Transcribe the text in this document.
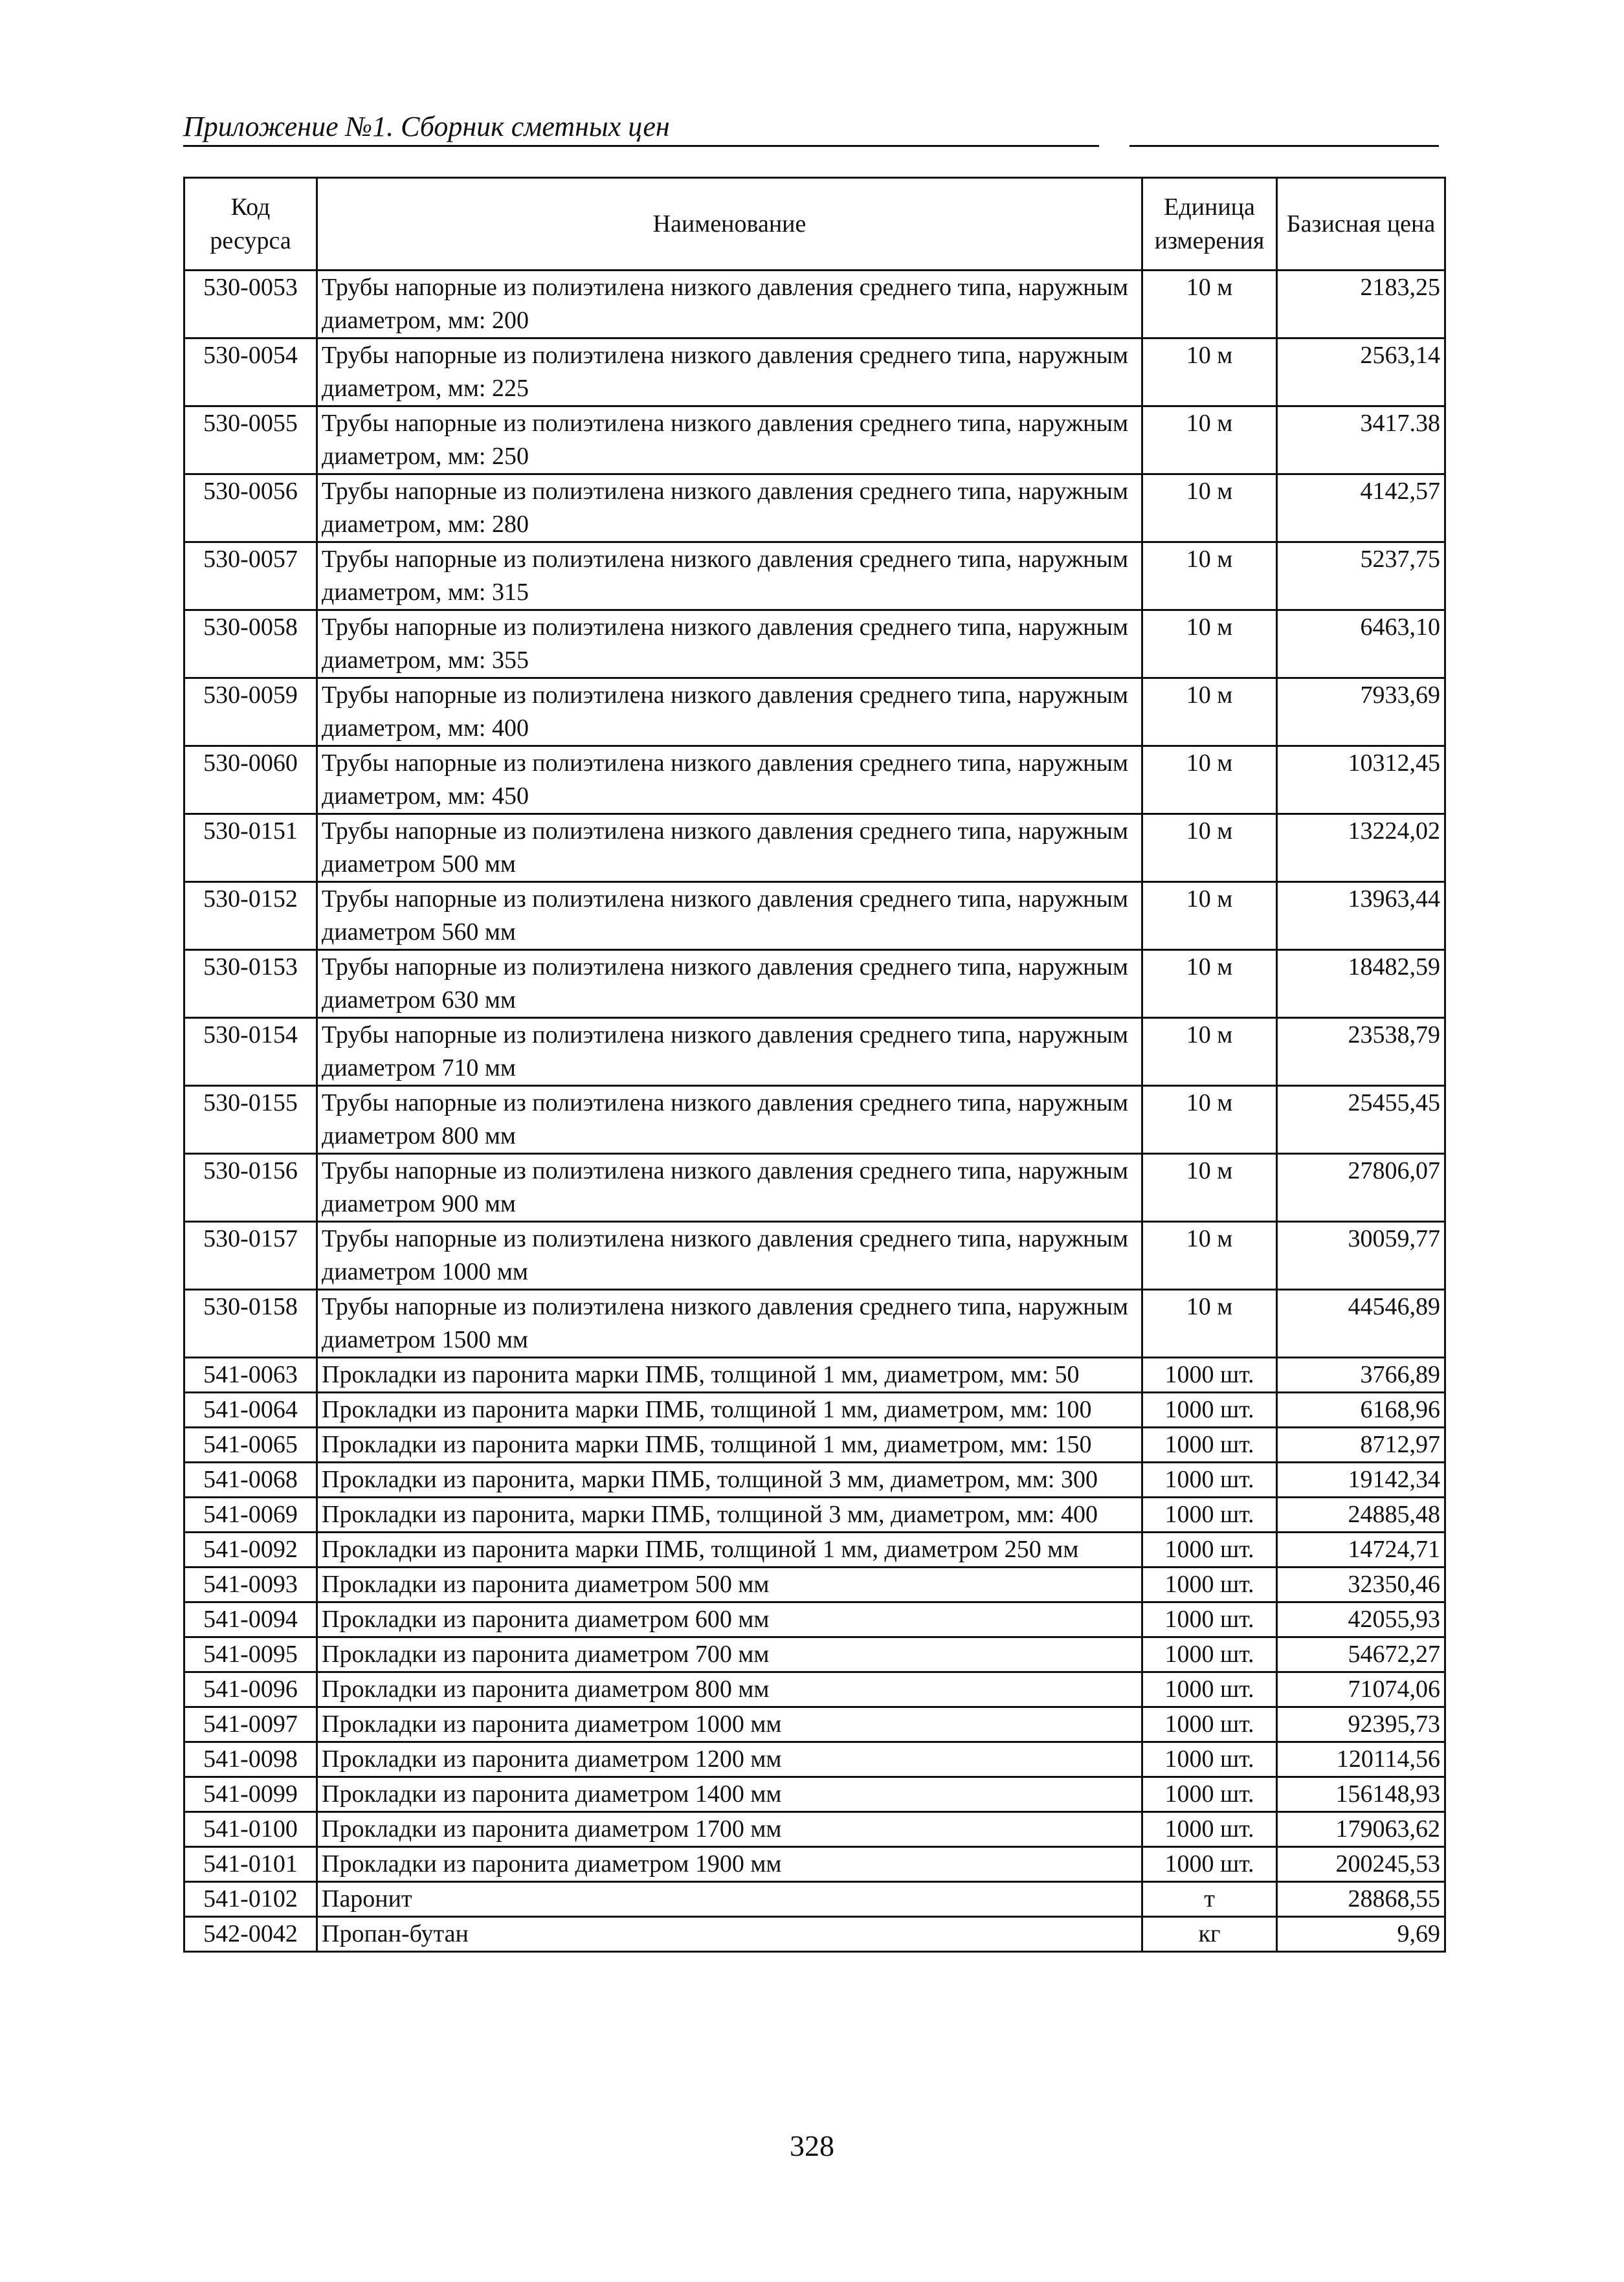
Приложение №1. Сборник сметных цен
Код ресурса	Наименование	Единица измерения	Базисная цена
530-0053	Трубы напорные из полиэтилена низкого давления среднего типа, наружным диаметром, мм: 200	10 м	2183,25
530-0054	Трубы напорные из полиэтилена низкого давления среднего типа, наружным диаметром, мм: 225	10 м	2563,14
530-0055	Трубы напорные из полиэтилена низкого давления среднего типа, наружным диаметром, мм: 250	10 м	3417.38
530-0056	Трубы напорные из полиэтилена низкого давления среднего типа, наружным диаметром, мм: 280	10 м	4142,57
530-0057	Трубы напорные из полиэтилена низкого давления среднего типа, наружным диаметром, мм: 315	10 м	5237,75
530-0058	Трубы напорные из полиэтилена низкого давления среднего типа, наружным диаметром, мм: 355	10 м	6463,10
530-0059	Трубы напорные из полиэтилена низкого давления среднего типа, наружным диаметром, мм: 400	10 м	7933,69
530-0060	Трубы напорные из полиэтилена низкого давления среднего типа, наружным диаметром, мм: 450	10 м	10312,45
530-0151	Трубы напорные из полиэтилена низкого давления среднего типа, наружным диаметром 500 мм	10 м	13224,02
530-0152	Трубы напорные из полиэтилена низкого давления среднего типа, наружным диаметром 560 мм	10 м	13963,44
530-0153	Трубы напорные из полиэтилена низкого давления среднего типа, наружным диаметром 630 мм	10 м	18482,59
530-0154	Трубы напорные из полиэтилена низкого давления среднего типа, наружным диаметром 710 мм	10 м	23538,79
530-0155	Трубы напорные из полиэтилена низкого давления среднего типа, наружным диаметром 800 мм	10 м	25455,45
530-0156	Трубы напорные из полиэтилена низкого давления среднего типа, наружным диаметром 900 мм	10 м	27806,07
530-0157	Трубы напорные из полиэтилена низкого давления среднего типа, наружным диаметром 1000 мм	10 м	30059,77
530-0158	Трубы напорные из полиэтилена низкого давления среднего типа, наружным диаметром 1500 мм	10 м	44546,89
541-0063	Прокладки из паронита марки ПМБ, толщиной 1 мм, диаметром, мм: 50	1000 шт.	3766,89
541-0064	Прокладки из паронита марки ПМБ, толщиной 1 мм, диаметром, мм: 100	1000 шт.	6168,96
541-0065	Прокладки из паронита марки ПМБ, толщиной 1 мм, диаметром, мм: 150	1000 шт.	8712,97
541-0068	Прокладки из паронита, марки ПМБ, толщиной 3 мм, диаметром, мм: 300	1000 шт.	19142,34
541-0069	Прокладки из паронита, марки ПМБ, толщиной 3 мм, диаметром, мм: 400	1000 шт.	24885,48
541-0092	Прокладки из паронита марки ПМБ, толщиной 1 мм, диаметром 250 мм	1000 шт.	14724,71
541-0093	Прокладки из паронита диаметром 500 мм	1000 шт.	32350,46
541-0094	Прокладки из паронита диаметром 600 мм	1000 шт.	42055,93
541-0095	Прокладки из паронита диаметром 700 мм	1000 шт.	54672,27
541-0096	Прокладки из паронита диаметром 800 мм	1000 шт.	71074,06
541-0097	Прокладки из паронита диаметром 1000 мм	1000 шт.	92395,73
541-0098	Прокладки из паронита диаметром 1200 мм	1000 шт.	120114,56
541-0099	Прокладки из паронита диаметром 1400 мм	1000 шт.	156148,93
541-0100	Прокладки из паронита диаметром 1700 мм	1000 шт.	179063,62
541-0101	Прокладки из паронита диаметром 1900 мм	1000 шт.	200245,53
541-0102	Паронит	т	28868,55
542-0042	Пропан-бутан	кг	9,69
328
